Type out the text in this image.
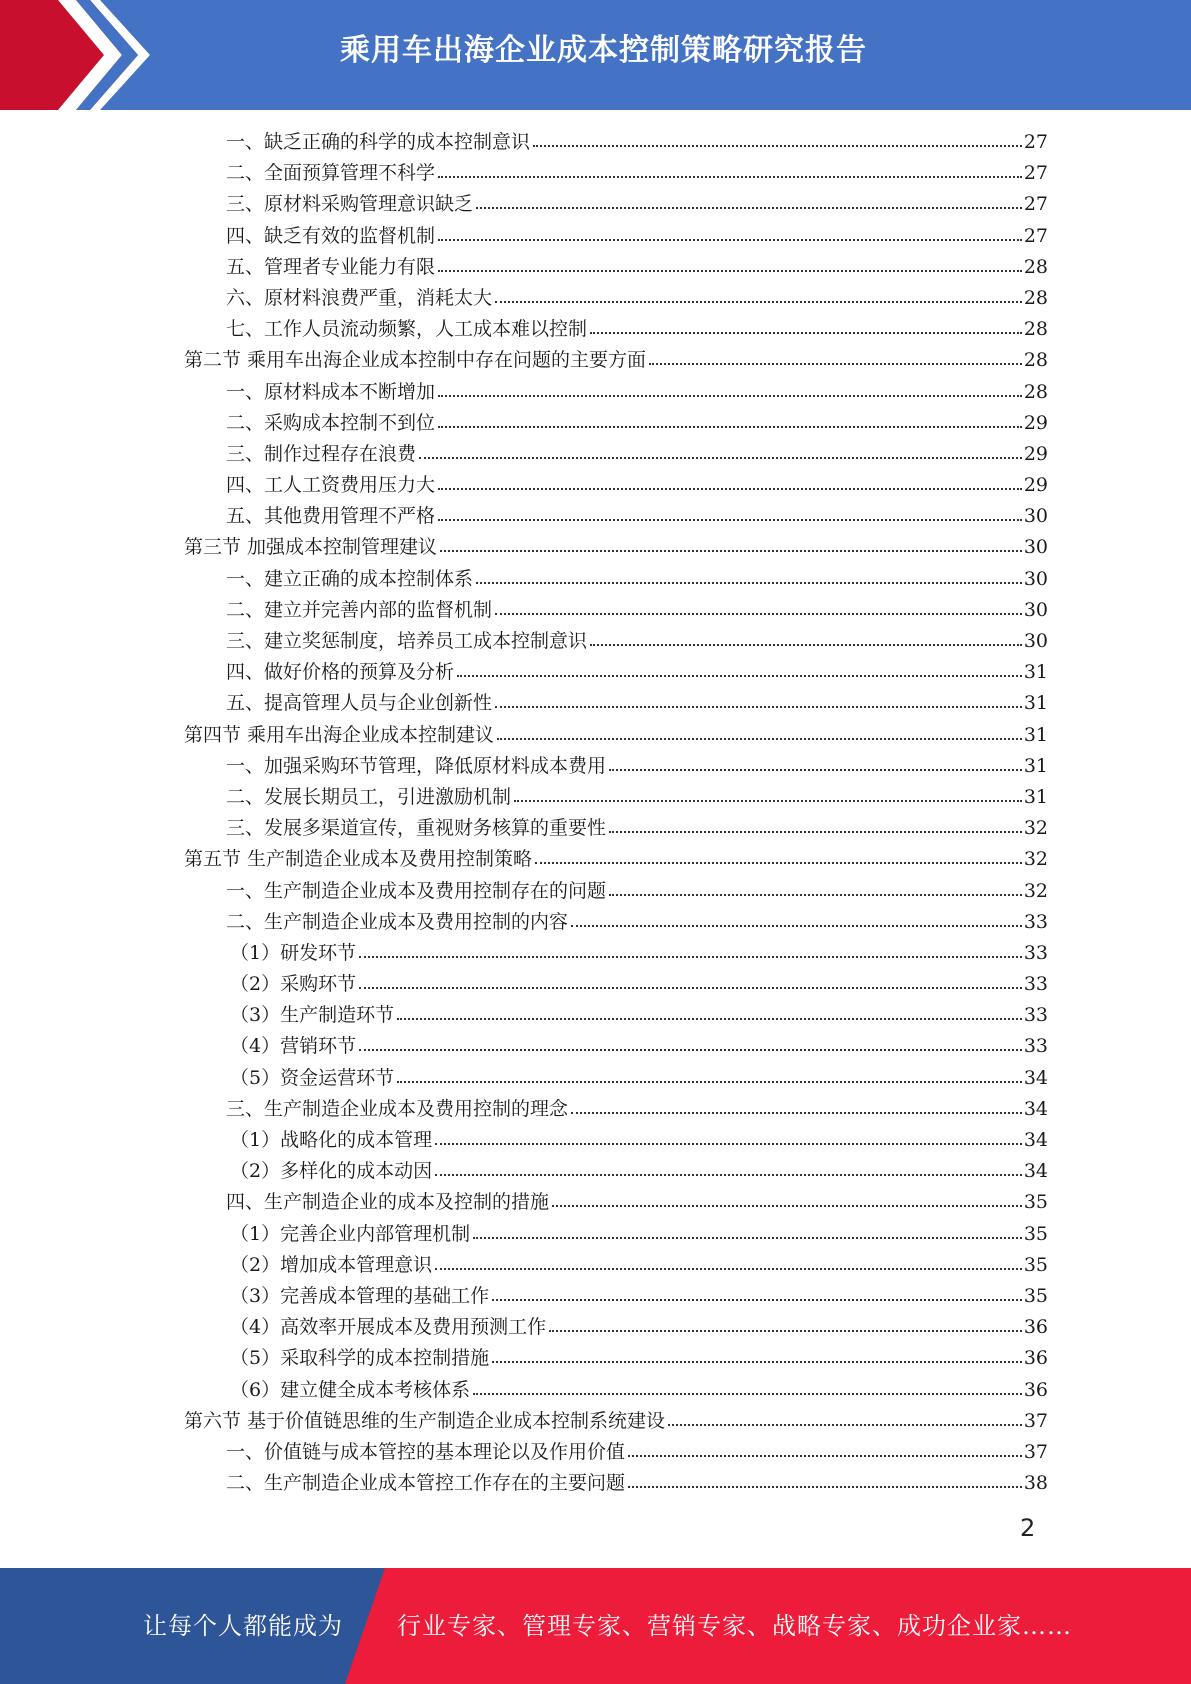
乘用车出海企业成本控制策略研究报告
一、缺乏正确的科学的成本控制意识	27
二、全面预算管理不科学	27
三、原材料采购管理意识缺乏	27
四、缺乏有效的监督机制	27
五、管理者专业能力有限	28
六、原材料浪费严重，消耗太大	28
七、工作人员流动频繁，人工成本难以控制	28
第二节 乘用车出海企业成本控制中存在问题的主要方面	28
一、原材料成本不断增加	28
二、采购成本控制不到位	29
三、制作过程存在浪费	29
四、工人工资费用压力大	29
五、其他费用管理不严格	30
第三节 加强成本控制管理建议	30
一、建立正确的成本控制体系	30
二、建立并完善内部的监督机制	30
三、建立奖惩制度，培养员工成本控制意识	30
四、做好价格的预算及分析	31
五、提高管理人员与企业创新性	31
第四节 乘用车出海企业成本控制建议	31
一、加强采购环节管理，降低原材料成本费用	31
二、发展长期员工，引进激励机制	31
三、发展多渠道宣传，重视财务核算的重要性	32
第五节 生产制造企业成本及费用控制策略	32
一、生产制造企业成本及费用控制存在的问题	32
二、生产制造企业成本及费用控制的内容	33
（1）研发环节	33
（2）采购环节	33
（3）生产制造环节	33
（4）营销环节	33
（5）资金运营环节	34
三、生产制造企业成本及费用控制的理念	34
（1）战略化的成本管理	34
（2）多样化的成本动因	34
四、生产制造企业的成本及控制的措施	35
（1）完善企业内部管理机制	35
（2）增加成本管理意识	35
（3）完善成本管理的基础工作	35
（4）高效率开展成本及费用预测工作	36
（5）采取科学的成本控制措施	36
（6）建立健全成本考核体系	36
第六节 基于价值链思维的生产制造企业成本控制系统建设	37
一、价值链与成本管控的基本理论以及作用价值	37
二、生产制造企业成本管控工作存在的主要问题	38
2
让每个人都能成为 行业专家、管理专家、营销专家、战略专家、成功企业家……
